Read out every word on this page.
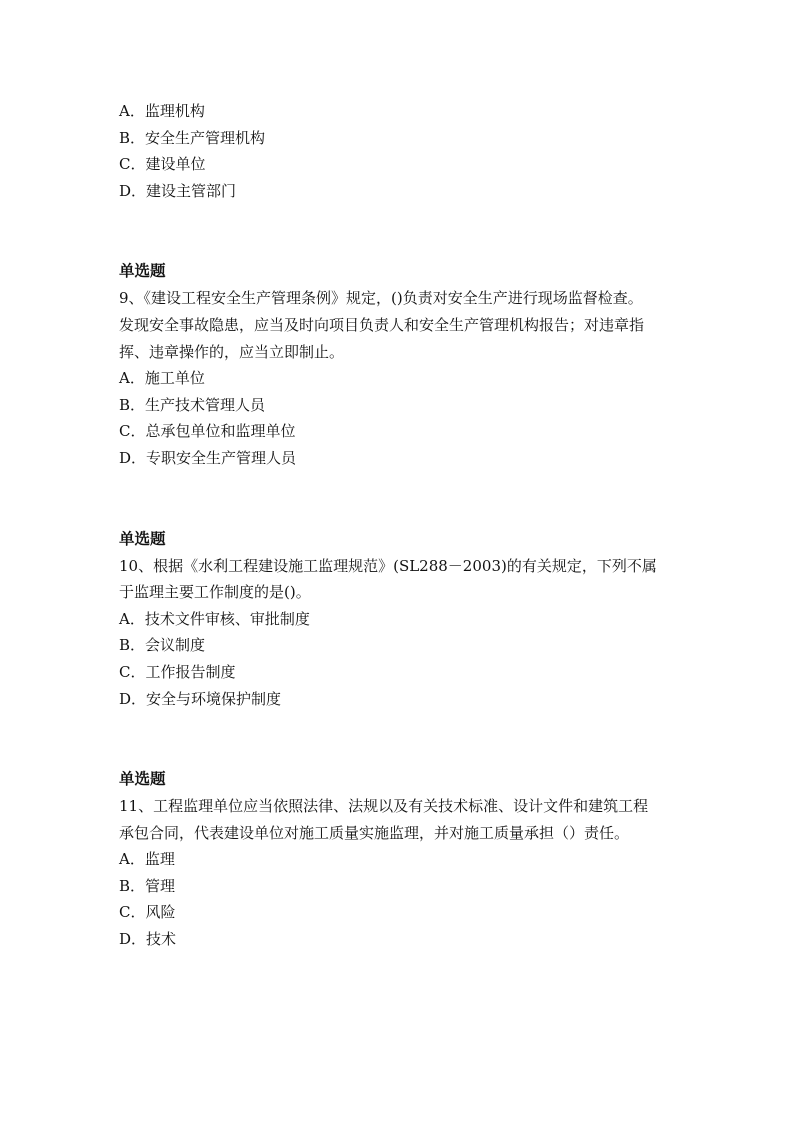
A．监理机构
B．安全生产管理机构
C．建设单位
D．建设主管部门
单选题
9、《建设工程安全生产管理条例》规定，()负责对安全生产进行现场监督检查。
发现安全事故隐患，应当及时向项目负责人和安全生产管理机构报告；对违章指
挥、违章操作的，应当立即制止。
A．施工单位
B．生产技术管理人员
C．总承包单位和监理单位
D．专职安全生产管理人员
单选题
10、根据《水利工程建设施工监理规范》(SL288－2003)的有关规定，下列不属
于监理主要工作制度的是()。
A．技术文件审核、审批制度
B．会议制度
C．工作报告制度
D．安全与环境保护制度
单选题
11、工程监理单位应当依照法律、法规以及有关技术标准、设计文件和建筑工程
承包合同，代表建设单位对施工质量实施监理，并对施工质量承担（）责任。
A．监理
B．管理
C．风险
D．技术
